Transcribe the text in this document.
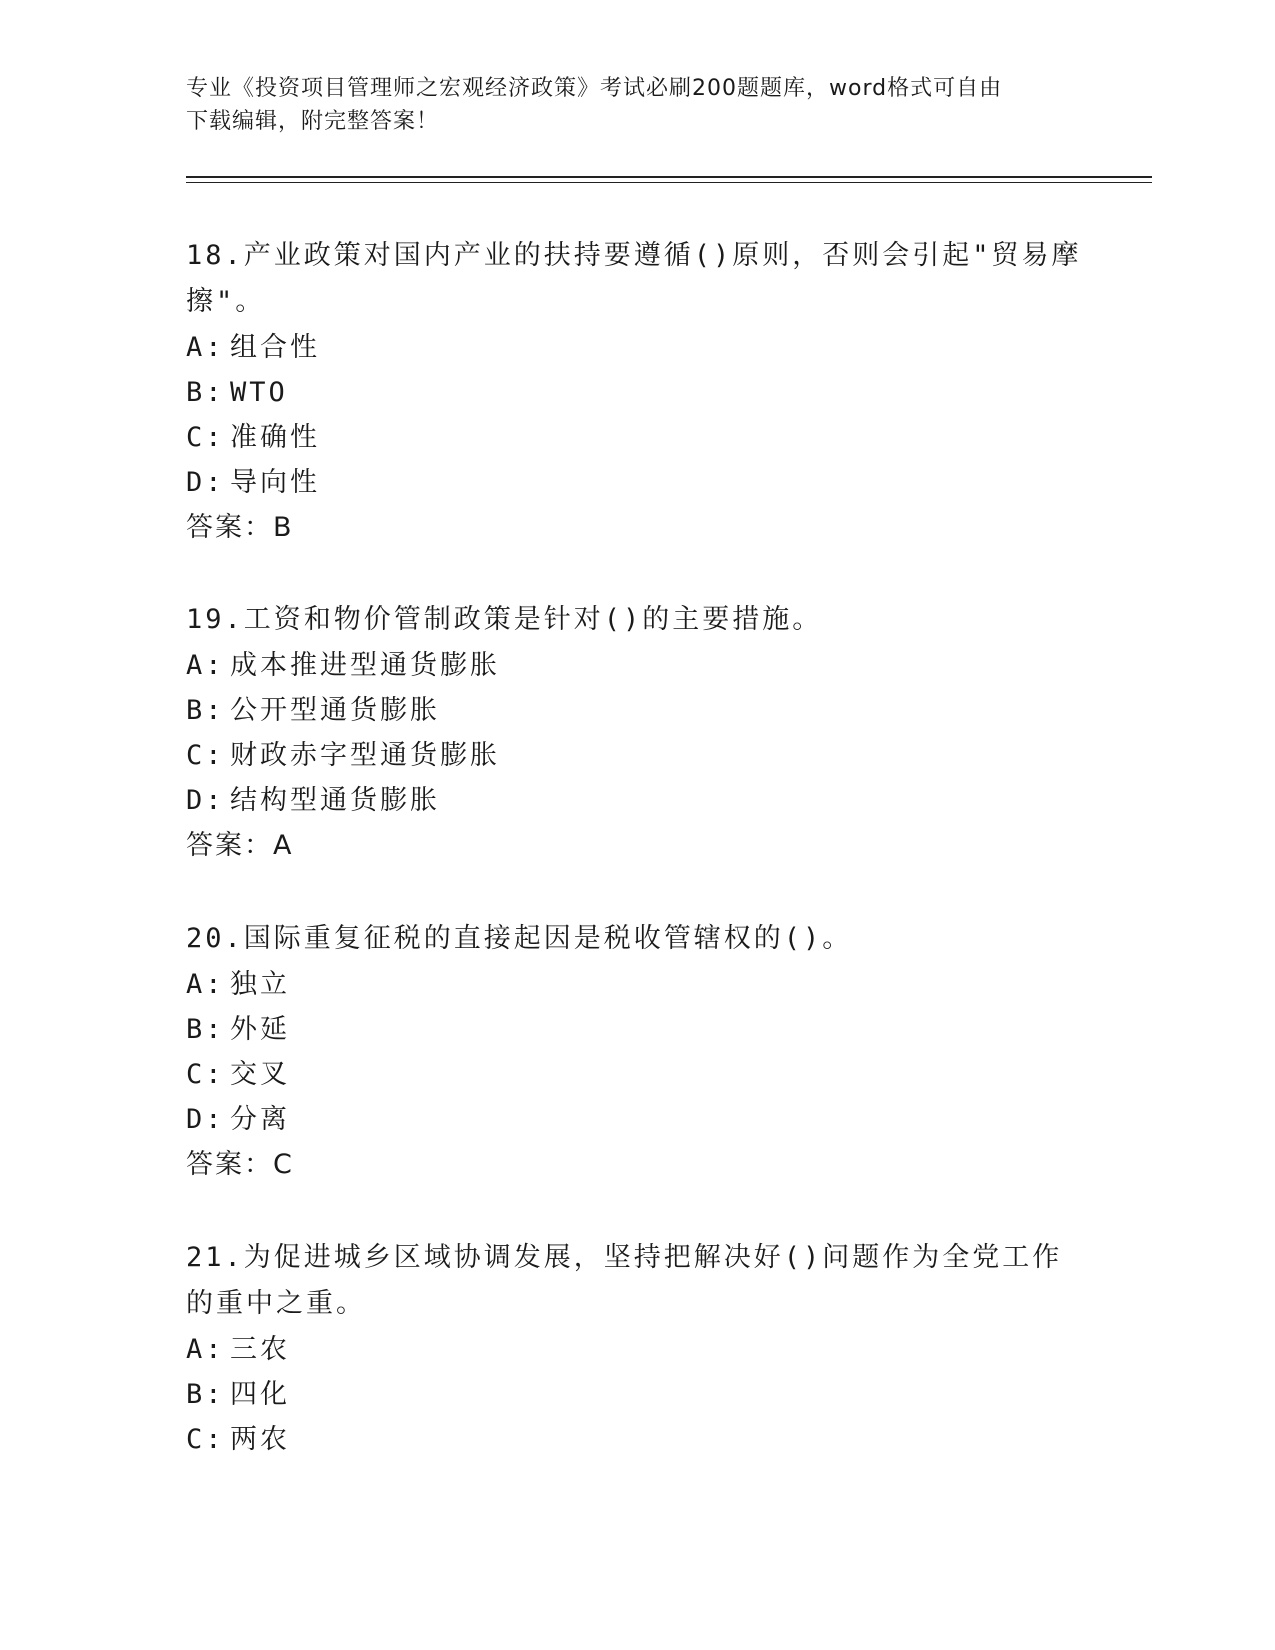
专业《投资项目管理师之宏观经济政策》考试必刷200题题库，word格式可自由
下载编辑，附完整答案！

18.产业政策对国内产业的扶持要遵循()原则，否则会引起"贸易摩擦"。

A: 组合性

B: WTO

C: 准确性

D: 导向性

答案：B

19.工资和物价管制政策是针对()的主要措施。

A: 成本推进型通货膨胀

B: 公开型通货膨胀

C: 财政赤字型通货膨胀

D: 结构型通货膨胀

答案：A

20.国际重复征税的直接起因是税收管辖权的()。

A: 独立

B: 外延

C: 交叉

D: 分离

答案：C

21.为促进城乡区域协调发展，坚持把解决好()问题作为全党工作的重中之重。

A: 三农

B: 四化

C: 两农
